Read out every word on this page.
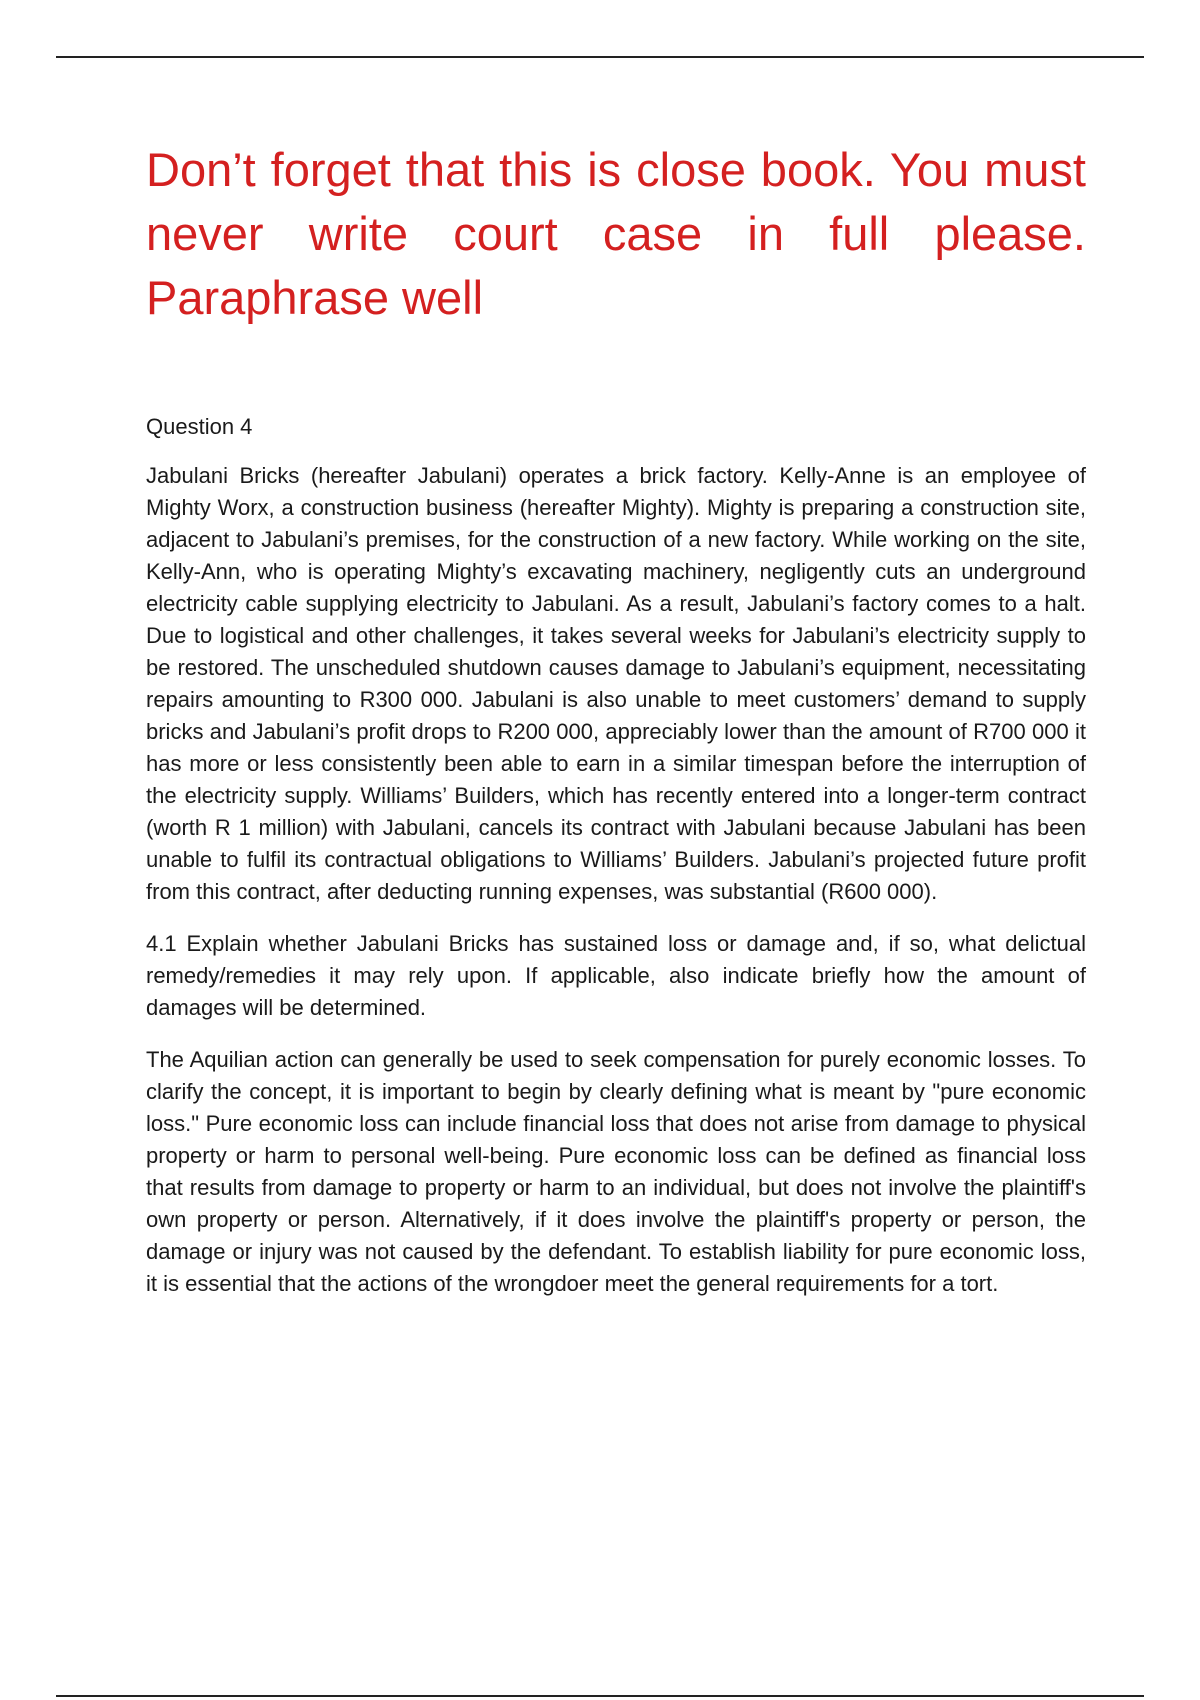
Don’t forget that this is close book. You must never write court case in full please. Paraphrase well

Question 4

Jabulani Bricks (hereafter Jabulani) operates a brick factory. Kelly-Anne is an employee of Mighty Worx, a construction business (hereafter Mighty). Mighty is preparing a construction site, adjacent to Jabulani’s premises, for the construction of a new factory. While working on the site, Kelly-Ann, who is operating Mighty’s excavating machinery, negligently cuts an underground electricity cable supplying electricity to Jabulani. As a result, Jabulani’s factory comes to a halt. Due to logistical and other challenges, it takes several weeks for Jabulani’s electricity supply to be restored. The unscheduled shutdown causes damage to Jabulani’s equipment, necessitating repairs amounting to R300 000. Jabulani is also unable to meet customers’ demand to supply bricks and Jabulani’s profit drops to R200 000, appreciably lower than the amount of R700 000 it has more or less consistently been able to earn in a similar timespan before the interruption of the electricity supply. Williams’ Builders, which has recently entered into a longer-term contract (worth R 1 million) with Jabulani, cancels its contract with Jabulani because Jabulani has been unable to fulfil its contractual obligations to Williams’ Builders. Jabulani’s projected future profit from this contract, after deducting running expenses, was substantial (R600 000).

4.1 Explain whether Jabulani Bricks has sustained loss or damage and, if so, what delictual remedy/remedies it may rely upon. If applicable, also indicate briefly how the amount of damages will be determined.

The Aquilian action can generally be used to seek compensation for purely economic losses. To clarify the concept, it is important to begin by clearly defining what is meant by "pure economic loss." Pure economic loss can include financial loss that does not arise from damage to physical property or harm to personal well-being. Pure economic loss can be defined as financial loss that results from damage to property or harm to an individual, but does not involve the plaintiff's own property or person. Alternatively, if it does involve the plaintiff's property or person, the damage or injury was not caused by the defendant. To establish liability for pure economic loss, it is essential that the actions of the wrongdoer meet the general requirements for a tort.
